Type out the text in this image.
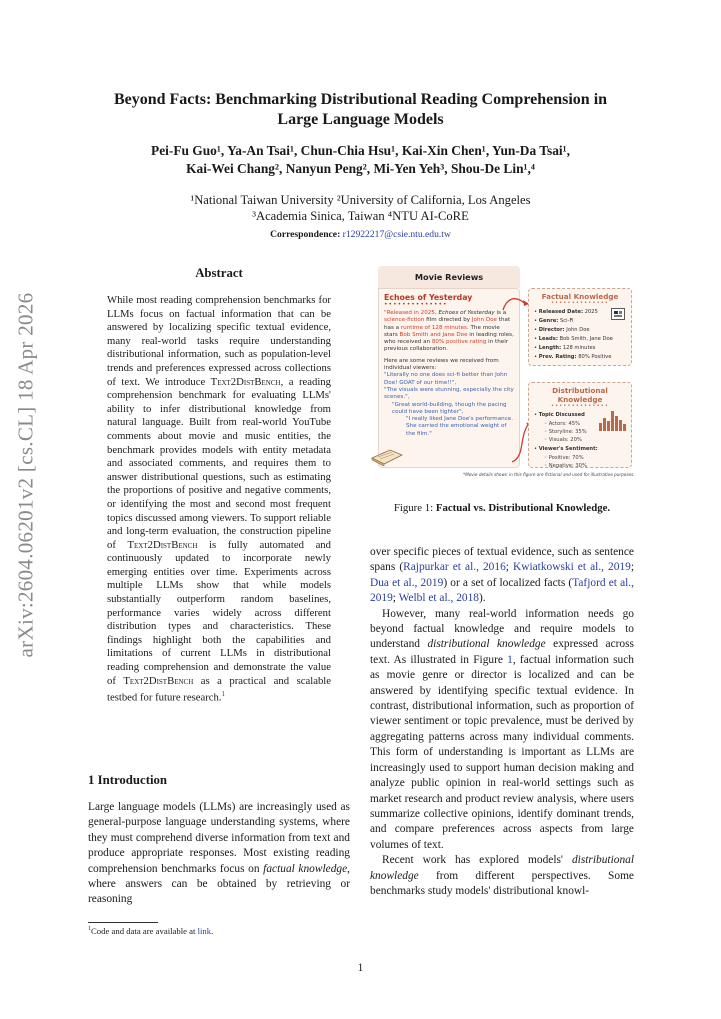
Beyond Facts: Benchmarking Distributional Reading Comprehension in
Large Language Models
Pei-Fu Guo¹, Ya-An Tsai¹, Chun-Chia Hsu¹, Kai-Xin Chen¹, Yun-Da Tsai¹,
Kai-Wei Chang², Nanyun Peng², Mi-Yen Yeh³, Shou-De Lin¹,⁴
¹National Taiwan University ²University of California, Los Angeles
³Academia Sinica, Taiwan ⁴NTU AI-CoRE
Correspondence: r12922217@csie.ntu.edu.tw
arXiv:2604.06201v2 [cs.CL] 18 Apr 2026
Abstract
While most reading comprehension benchmarks for LLMs focus on factual information that can be answered by localizing specific textual evidence, many real-world tasks require understanding distributional information, such as population-level trends and preferences expressed across collections of text. We introduce Text2DistBench, a reading comprehension benchmark for evaluating LLMs' ability to infer distributional knowledge from natural language. Built from real-world YouTube comments about movie and music entities, the benchmark provides models with entity metadata and associated comments, and requires them to answer distributional questions, such as estimating the proportions of positive and negative comments, or identifying the most and second most frequent topics discussed among viewers. To support reliable and long-term evaluation, the construction pipeline of Text2DistBench is fully automated and continuously updated to incorporate newly emerging entities over time. Experiments across multiple LLMs show that while models substantially outperform random baselines, performance varies widely across different distribution types and characteristics. These findings highlight both the capabilities and limitations of current LLMs in distributional reading comprehension and demonstrate the value of Text2DistBench as a practical and scalable testbed for future research.$^1$
1 Introduction
Large language models (LLMs) are increasingly used as general-purpose language understanding systems, where they must comprehend diverse information from text and produce appropriate responses. Most existing reading comprehension benchmarks focus on factual knowledge, where answers can be obtained by retrieving or reasoning
$^1$Code and data are available at link.
Movie Reviews
Echoes of Yesterday
••••••••••••••
"Released in 2025, Echoes of Yesterday is a science-fiction film directed by John Doe that has a runtime of 128 minutes. The movie stars Bob Smith and Jane Doe in leading roles, who received an 80% positive rating in their previous collaboration.
Here are some reviews we received from individual viewers:
"Literally no one does sci-fi better than John Doe! GOAT of our time!!",
"The visuals were stunning, especially the city scenes.",
"Great world-building, though the pacing could have been tighter",
"I really liked Jane Doe's performance. She carried the emotional weight of the film."
Factual Knowledge
••••••••••••••
• Released Date: 2025
• Genre: Sci-Fi
• Director: John Doe
• Leads: Bob Smith, Jane Doe
• Length: 128 minutes
• Prev. Rating: 80% Positive
Distributional Knowledge
••••••••••••••
• Topic Discussed
◦ Actors: 45%
◦ Storyline: 35%
◦ Visuals: 20%
• Viewer's Sentiment:
◦ Positive: 70%
◦ Negative: 30%
*Movie details shown in this figure are fictional and used for illustrative purposes.
Figure 1: Factual vs. Distributional Knowledge.

over specific pieces of textual evidence, such as sentence spans (Rajpurkar et al., 2016; Kwiatkowski et al., 2019; Dua et al., 2019) or a set of localized facts (Tafjord et al., 2019; Welbl et al., 2018).

However, many real-world information needs go beyond factual knowledge and require models to understand distributional knowledge expressed across text. As illustrated in Figure 1, factual information such as movie genre or director is localized and can be answered by identifying specific textual evidence. In contrast, distributional information, such as proportion of viewer sentiment or topic prevalence, must be derived by aggregating patterns across many individual comments. This form of understanding is important as LLMs are increasingly used to support human decision making and analyze public opinion in real-world settings such as market research and product review analysis, where users summarize collective opinions, identify dominant trends, and compare preferences across aspects from large volumes of text.

Recent work has explored models' distributional knowledge from different perspectives. Some benchmarks study models' distributional knowl-

1
